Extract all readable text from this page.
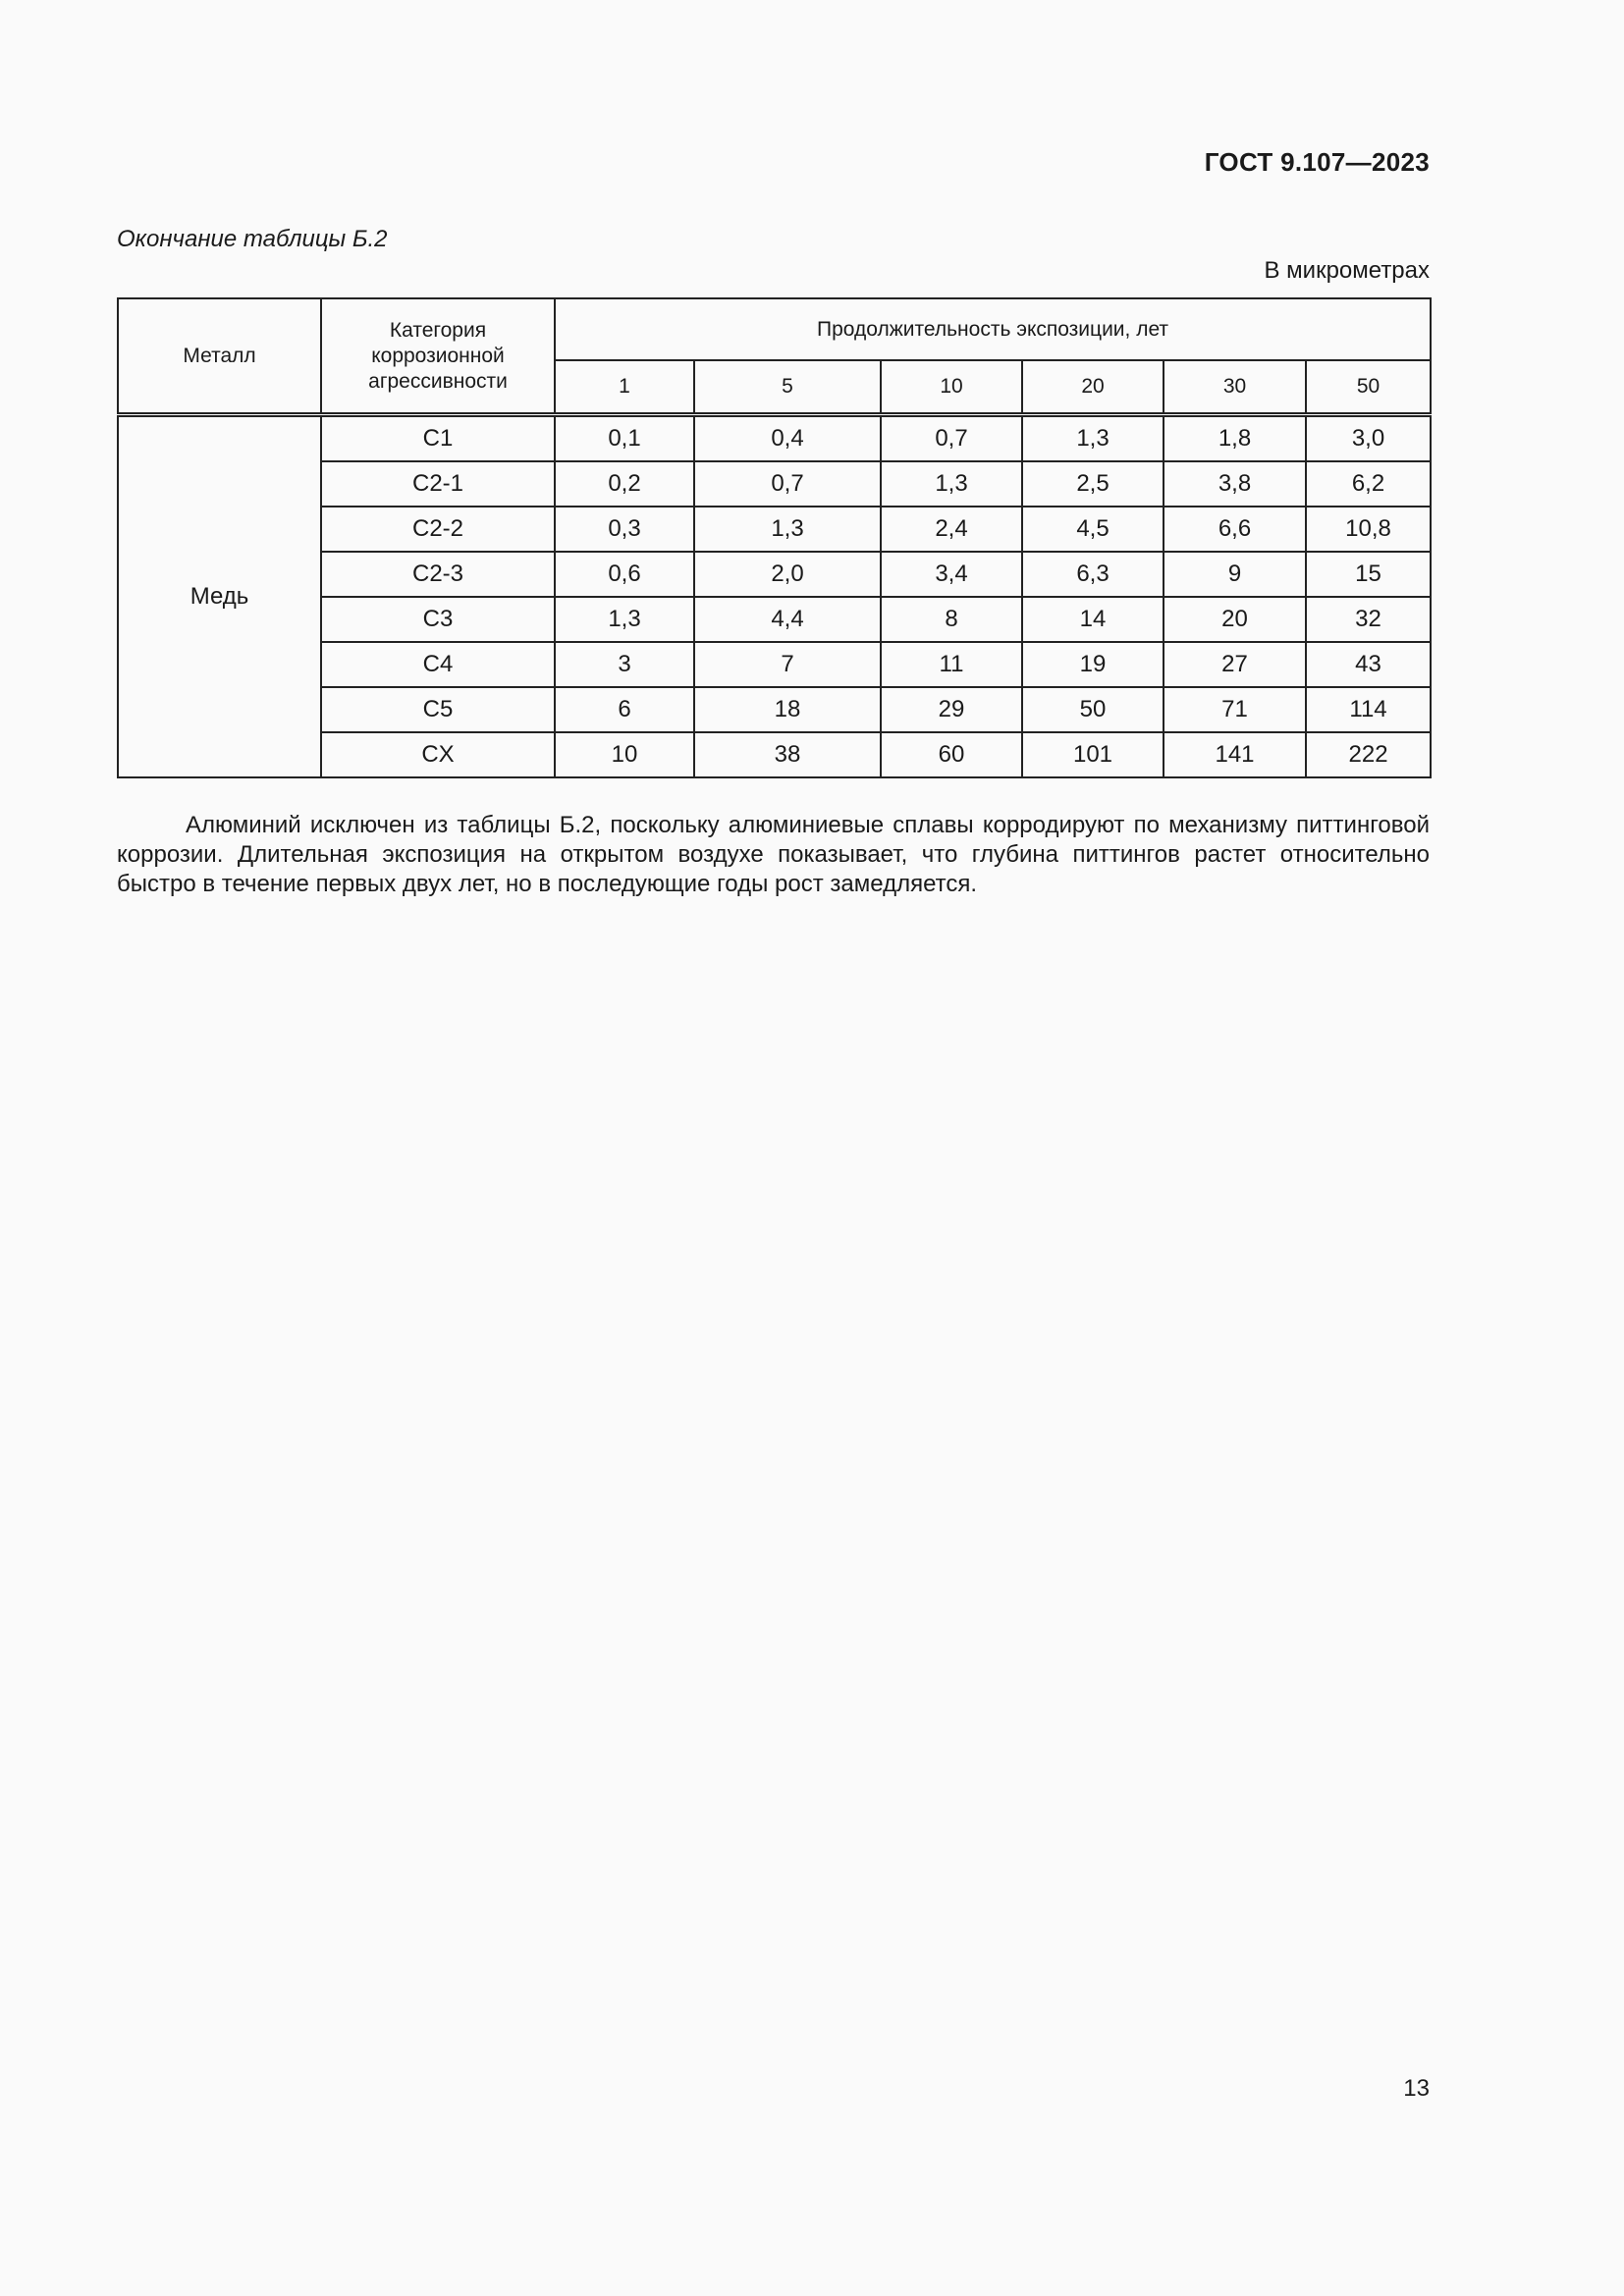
ГОСТ 9.107—2023
Окончание таблицы Б.2
В микрометрах
Металл	Категория коррозионной агрессивности	Продолжительность экспозиции, лет					
		1	5	10	20	30	50

Медь	C1	0,1	0,4	0,7	1,3	1,8	3,0
	C2-1	0,2	0,7	1,3	2,5	3,8	6,2
	C2-2	0,3	1,3	2,4	4,5	6,6	10,8
	C2-3	0,6	2,0	3,4	6,3	9	15
	C3	1,3	4,4	8	14	20	32
	C4	3	7	11	19	27	43
	C5	6	18	29	50	71	114
	CX	10	38	60	101	141	222

Алюминий исключен из таблицы Б.2, поскольку алюминиевые сплавы корродируют по механизму питтинговой коррозии. Длительная экспозиция на открытом воздухе показывает, что глубина питтингов растет относительно быстро в течение первых двух лет, но в последующие годы рост замедляется.

13
